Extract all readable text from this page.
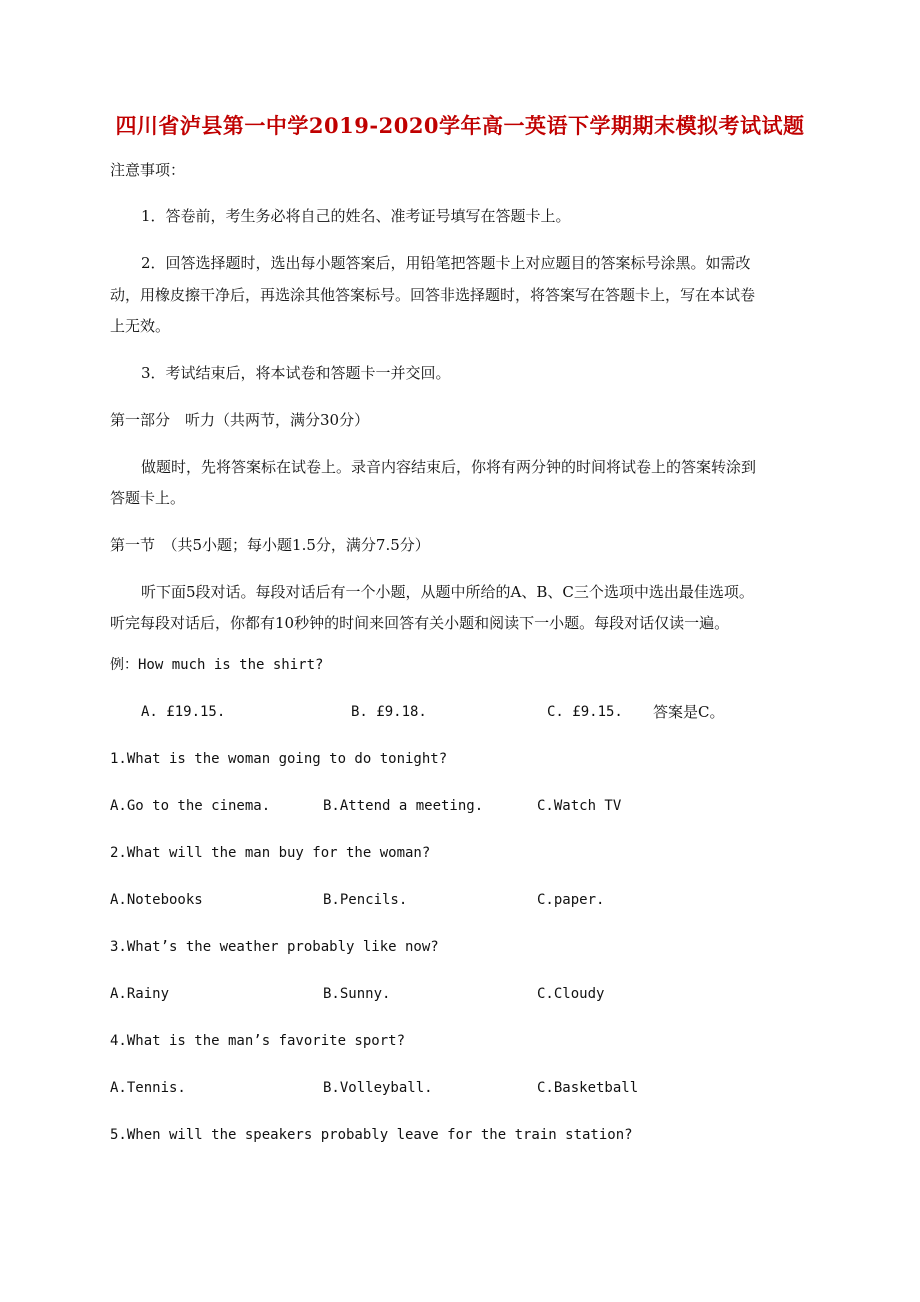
四川省泸县第一中学2019-2020学年高一英语下学期期末模拟考试试题
注意事项：
1．答卷前，考生务必将自己的姓名、准考证号填写在答题卡上。
2．回答选择题时，选出每小题答案后，用铅笔把答题卡上对应题目的答案标号涂黑。如需改
动，用橡皮擦干净后，再选涂其他答案标号。回答非选择题时，将答案写在答题卡上，写在本试卷
上无效。
3．考试结束后，将本试卷和答题卡一并交回。
第一部分　听力（共两节，满分30分）
做题时，先将答案标在试卷上。录音内容结束后，你将有两分钟的时间将试卷上的答案转涂到
答题卡上。
第一节　（共5小题；每小题1.5分，满分7.5分）
听下面5段对话。每段对话后有一个小题，从题中所给的A、B、C三个选项中选出最佳选项。
听完每段对话后，你都有10秒钟的时间来回答有关小题和阅读下一小题。每段对话仅读一遍。
例：How much is the shirt?
A. £19.15.	B. £9.18.	C. £9.15. 答案是C。
1.What is the woman going to do tonight?
A.Go to the cinema.	B.Attend a meeting.	C.Watch TV
2.What will the man buy for the woman?
A.Notebooks	B.Pencils.	C.paper.
3.What’s the weather probably like now?
A.Rainy	B.Sunny.	C.Cloudy
4.What is the man’s favorite sport?
A.Tennis.	B.Volleyball.	C.Basketball
5.When will the speakers probably leave for the train station?
